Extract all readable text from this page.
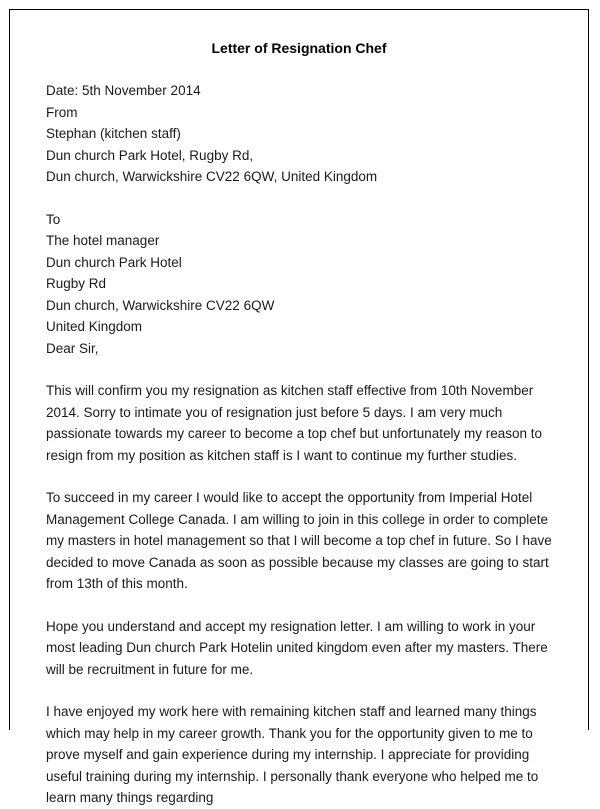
Letter of Resignation Chef

Date: 5th November 2014

From

Stephan (kitchen staff)

Dun church Park Hotel, Rugby Rd,

Dun church, Warwickshire CV22 6QW, United Kingdom

To

The hotel manager

Dun church Park Hotel

Rugby Rd

Dun church, Warwickshire CV22 6QW

United Kingdom

Dear Sir,

This will confirm you my resignation as kitchen staff effective from 10th November 2014. Sorry to intimate you of resignation just before 5 days. I am very much passionate towards my career to become a top chef but unfortunately my reason to resign from my position as kitchen staff is I want to continue my further studies.

To succeed in my career I would like to accept the opportunity from Imperial Hotel Management College Canada. I am willing to join in this college in order to complete my masters in hotel management so that I will become a top chef in future. So I have decided to move Canada as soon as possible because my classes are going to start from 13th of this month.

Hope you understand and accept my resignation letter. I am willing to work in your most leading Dun church Park Hotelin united kingdom even after my masters. There will be recruitment in future for me.

I have enjoyed my work here with remaining kitchen staff and learned many things which may help in my career growth. Thank you for the opportunity given to me to prove myself and gain experience during my internship. I appreciate for providing useful training during my internship. I personally thank everyone who helped me to learn many things regarding
